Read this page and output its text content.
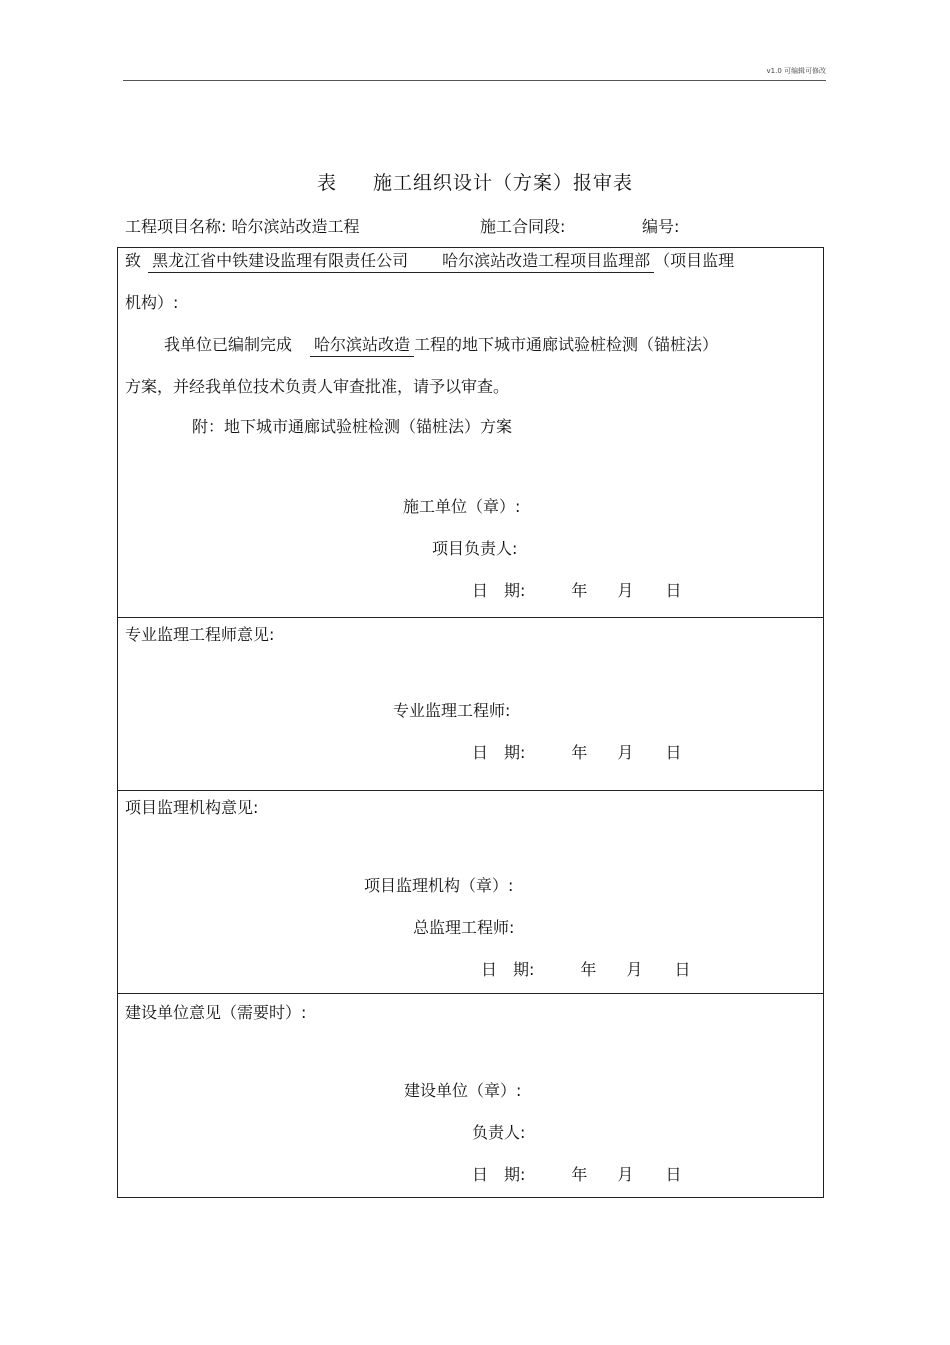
v1.0 可编辑可修改
表 施工组织设计（方案）报审表
工程项目名称: 哈尔滨站改造工程	施工合同段:	编号:
致 黑龙江省中铁建设监理有限责任公司 哈尔滨站改造工程项目监理部 （项目监理
机构）:
我单位已编制完成 哈尔滨站改造 工程的地下城市通廊试验桩检测（锚桩法）
方案，并经我单位技术负责人审查批准，请予以审查。
附：地下城市通廊试验桩检测（锚桩法）方案
施工单位（章）:
项目负责人:
日　期:	年 月 日
专业监理工程师意见:
专业监理工程师:
日　期:	年 月 日
项目监理机构意见:
项目监理机构（章）:
总监理工程师:
日　期:	年 月 日
建设单位意见（需要时）:
建设单位（章）:
负责人:
日　期:	年 月 日
